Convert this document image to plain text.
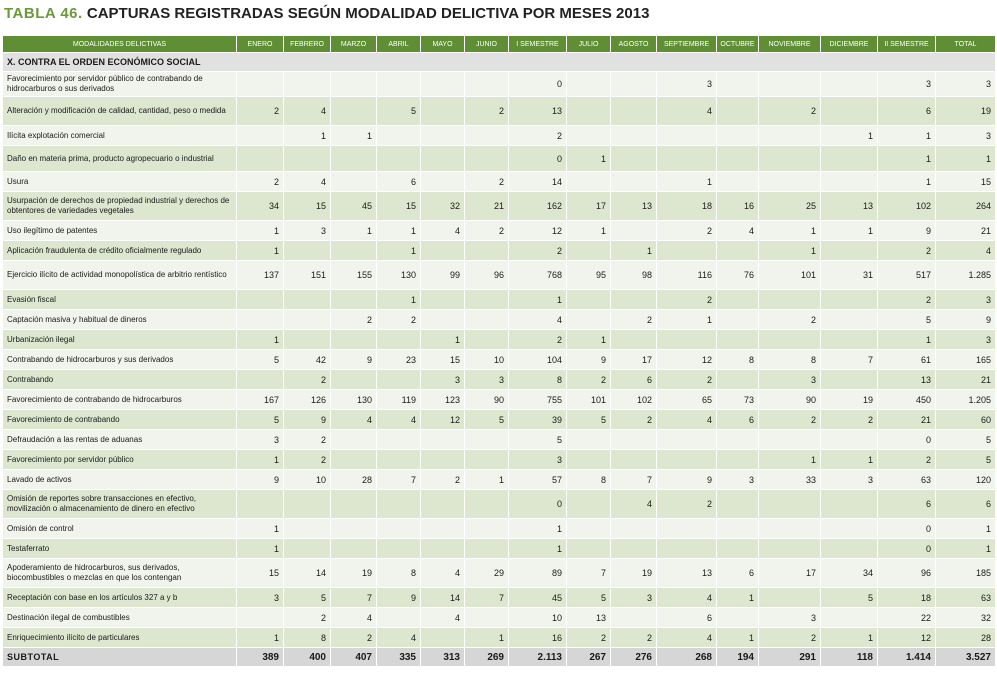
TABLA 46. CAPTURAS REGISTRADAS SEGÚN MODALIDAD DELICTIVA POR MESES 2013
MODALIDADES DELICTIVAS	ENERO	FEBRERO	MARZO	ABRIL	MAYO	JUNIO	I SEMESTRE	JULIO	AGOSTO	SEPTIEMBRE	OCTUBRE	NOVIEMBRE	DICIEMBRE	II SEMESTRE	TOTAL
X. CONTRA EL ORDEN ECONÓMICO SOCIAL															
Favorecimiento por servidor público de contrabando de hidrocarburos o sus derivados							0			3				3	3
Alteración y modificación de calidad, cantidad, peso o medida	2	4		5		2	13			4		2		6	19
Ilícita explotación comercial		1	1				2						1	1	3
Daño en materia prima, producto agropecuario o industrial							0	1						1	1
Usura	2	4		6		2	14			1				1	15
Usurpación de derechos de propiedad industrial y derechos de obtentores de variedades vegetales	34	15	45	15	32	21	162	17	13	18	16	25	13	102	264
Uso ilegítimo de patentes	1	3	1	1	4	2	12	1		2	4	1	1	9	21
Aplicación fraudulenta de crédito oficialmente regulado	1			1			2		1			1		2	4
Ejercicio ilícito de actividad monopolística de arbitrio rentístico	137	151	155	130	99	96	768	95	98	116	76	101	31	517	1.285
Evasión fiscal				1			1			2				2	3
Captación masiva y habitual de dineros			2	2			4		2	1		2		5	9
Urbanización ilegal	1				1		2	1						1	3
Contrabando de hidrocarburos y sus derivados	5	42	9	23	15	10	104	9	17	12	8	8	7	61	165
Contrabando		2			3	3	8	2	6	2		3		13	21
Favorecimiento de contrabando de hidrocarburos	167	126	130	119	123	90	755	101	102	65	73	90	19	450	1.205
Favorecimiento de contrabando	5	9	4	4	12	5	39	5	2	4	6	2	2	21	60
Defraudación a las rentas de aduanas	3	2					5							0	5
Favorecimiento por servidor público	1	2					3					1	1	2	5
Lavado de activos	9	10	28	7	2	1	57	8	7	9	3	33	3	63	120
Omisión de reportes sobre transacciones en efectivo, movilización o almacenamiento de dinero en efectivo							0		4	2				6	6
Omisión de control	1						1							0	1
Testaferrato	1						1							0	1
Apoderamiento de hidrocarburos, sus derivados, biocombustibles o mezclas en que los contengan	15	14	19	8	4	29	89	7	19	13	6	17	34	96	185
Receptación con base en los artículos 327 a y b	3	5	7	9	14	7	45	5	3	4	1		5	18	63
Destinación ilegal de combustibles		2	4		4		10	13		6		3		22	32
Enriquecimiento ilícito de particulares	1	8	2	4		1	16	2	2	4	1	2	1	12	28
SUBTOTAL	389	400	407	335	313	269	2.113	267	276	268	194	291	118	1.414	3.527
